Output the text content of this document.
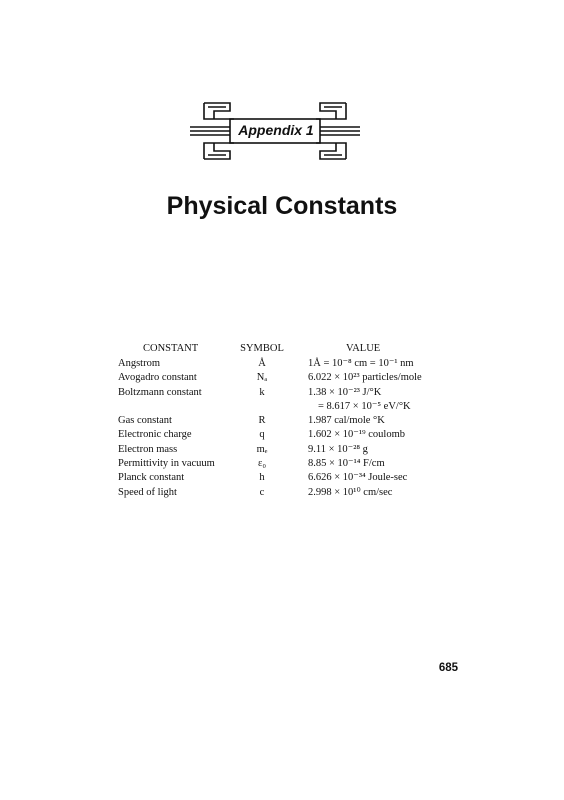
Appendix 1
Physical Constants
CONSTANT	SYMBOL	VALUE
Angstrom	Å	1Å = 10⁻⁸ cm = 10⁻¹ nm
Avogadro constant	Nₐ	6.022 × 10²³ particles/mole
Boltzmann constant	k	1.38 × 10⁻²³ J/°K
= 8.617 × 10⁻⁵ eV/°K
Gas constant	R	1.987 cal/mole °K
Electronic charge	q	1.602 × 10⁻¹⁹ coulomb
Electron mass	mₑ	9.11 × 10⁻²⁸ g
Permittivity in vacuum	ε₀	8.85 × 10⁻¹⁴ F/cm
Planck constant	h	6.626 × 10⁻³⁴ Joule-sec
Speed of light	c	2.998 × 10¹⁰ cm/sec
685
